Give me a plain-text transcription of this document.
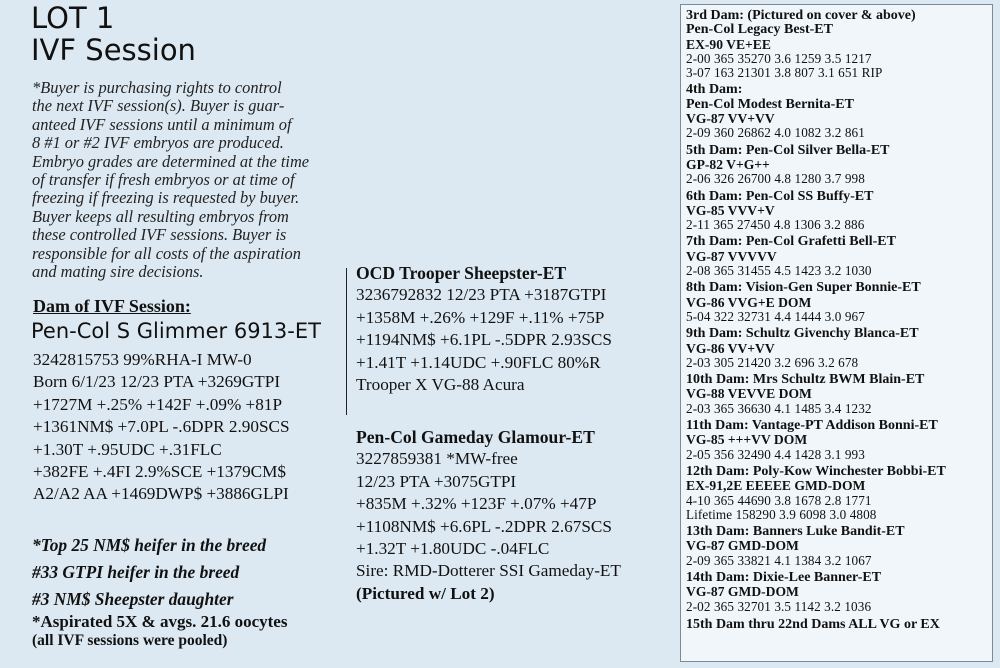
LOT 1
IVF Session
*Buyer is purchasing rights to control
the next IVF session(s). Buyer is guar-
anteed IVF sessions until a minimum of
8 #1 or #2 IVF embryos are produced.
Embryo grades are determined at the time
of transfer if fresh embryos or at time of
freezing if freezing is requested by buyer.
Buyer keeps all resulting embryos from
these controlled IVF sessions. Buyer is
responsible for all costs of the aspiration
and mating sire decisions.
Dam of IVF Session:
Pen-Col S Glimmer 6913-ET
3242815753 99%RHA-I MW-0
Born 6/1/23 12/23 PTA +3269GTPI
+1727M +.25% +142F +.09% +81P
+1361NM$ +7.0PL -.6DPR 2.90SCS
+1.30T +.95UDC +.31FLC
+382FE +.4FI 2.9%SCE +1379CM$
A2/A2 AA +1469DWP$ +3886GLPI
*Top 25 NM$ heifer in the breed
#33 GTPI heifer in the breed
#3 NM$ Sheepster daughter
*Aspirated 5X & avgs. 21.6 oocytes
(all IVF sessions were pooled)
OCD Trooper Sheepster-ET
3236792832 12/23 PTA +3187GTPI
+1358M +.26% +129F +.11% +75P
+1194NM$ +6.1PL -.5DPR 2.93SCS
+1.41T +1.14UDC +.90FLC 80%R
Trooper X VG-88 Acura
Pen-Col Gameday Glamour-ET
3227859381 *MW-free
12/23 PTA +3075GTPI
+835M +.32% +123F +.07% +47P
+1108NM$ +6.6PL -.2DPR 2.67SCS
+1.32T +1.80UDC -.04FLC
Sire: RMD-Dotterer SSI Gameday-ET
(Pictured w/ Lot 2)
3rd Dam: (Pictured on cover & above)
Pen-Col Legacy Best-ET
EX-90 VE+EE
2-00 365 35270 3.6 1259 3.5 1217
3-07 163 21301 3.8 807 3.1 651 RIP
4th Dam:
Pen-Col Modest Bernita-ET
VG-87 VV+VV
2-09 360 26862 4.0 1082 3.2 861
5th Dam: Pen-Col Silver Bella-ET
GP-82 V+G++
2-06 326 26700 4.8 1280 3.7 998
6th Dam: Pen-Col SS Buffy-ET
VG-85 VVV+V
2-11 365 27450 4.8 1306 3.2 886
7th Dam: Pen-Col Grafetti Bell-ET
VG-87 VVVVV
2-08 365 31455 4.5 1423 3.2 1030
8th Dam: Vision-Gen Super Bonnie-ET
VG-86 VVG+E DOM
5-04 322 32731 4.4 1444 3.0 967
9th Dam: Schultz Givenchy Blanca-ET
VG-86 VV+VV
2-03 305 21420 3.2 696 3.2 678
10th Dam: Mrs Schultz BWM Blain-ET
VG-88 VEVVE DOM
2-03 365 36630 4.1 1485 3.4 1232
11th Dam: Vantage-PT Addison Bonni-ET
VG-85 +++VV DOM
2-05 356 32490 4.4 1428 3.1 993
12th Dam: Poly-Kow Winchester Bobbi-ET
EX-91,2E EEEEE GMD-DOM
4-10 365 44690 3.8 1678 2.8 1771
Lifetime 158290 3.9 6098 3.0 4808
13th Dam: Banners Luke Bandit-ET
VG-87 GMD-DOM
2-09 365 33821 4.1 1384 3.2 1067
14th Dam: Dixie-Lee Banner-ET
VG-87 GMD-DOM
2-02 365 32701 3.5 1142 3.2 1036
15th Dam thru 22nd Dams ALL VG or EX
